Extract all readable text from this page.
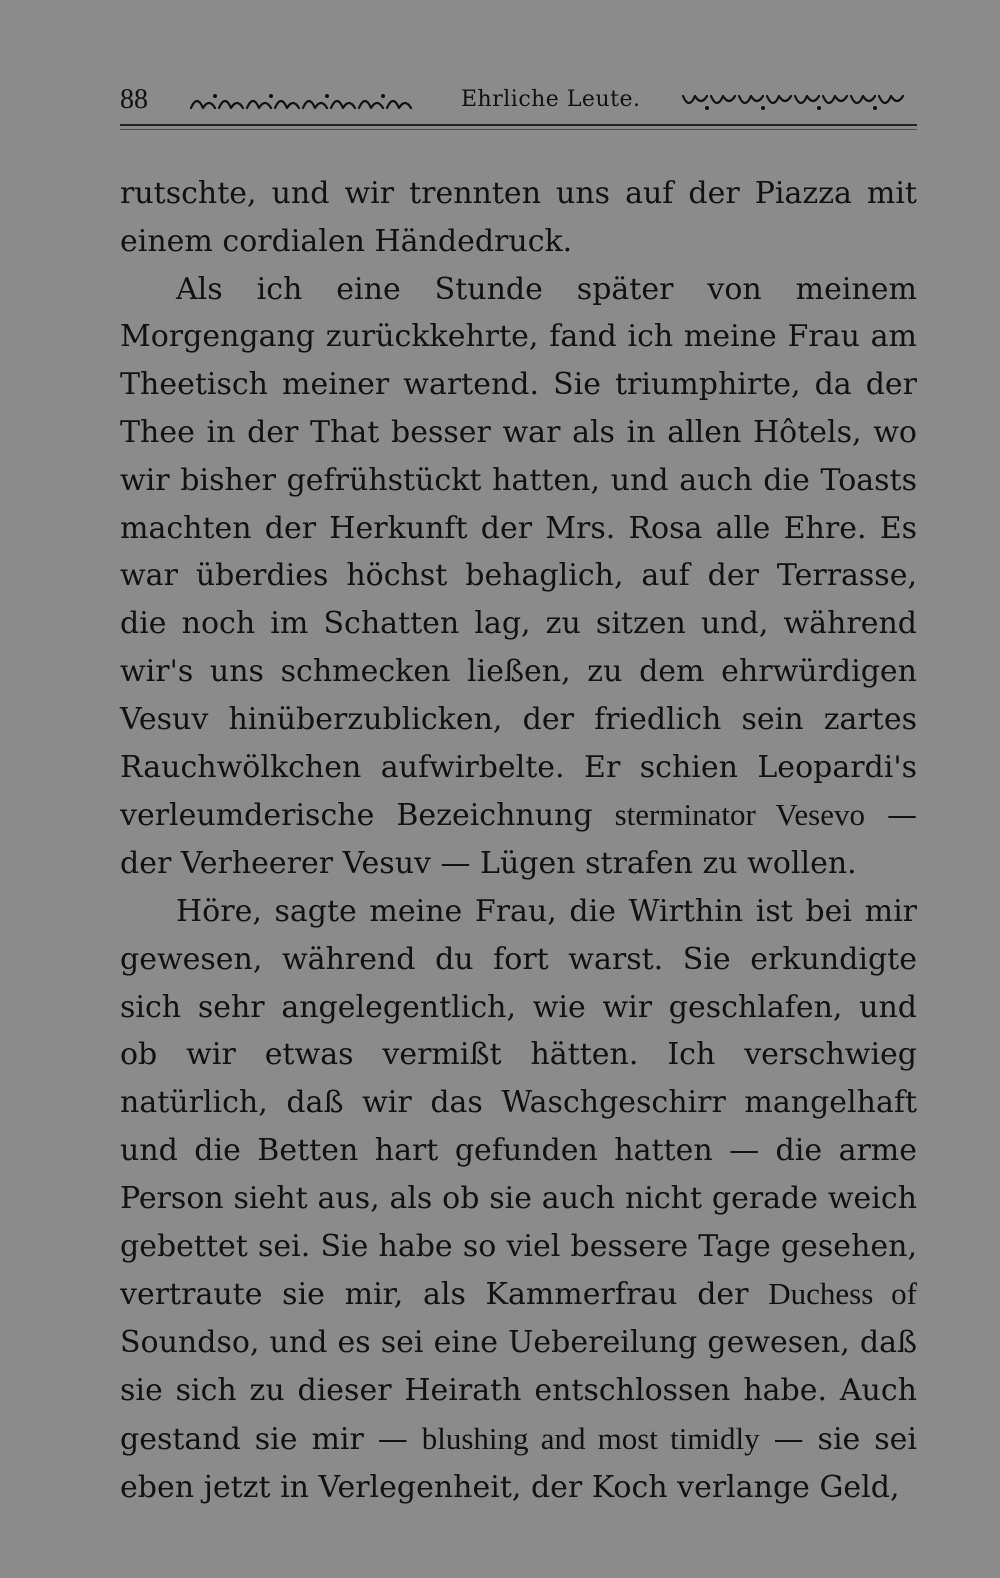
88	Ehrliche Leute.

rutschte, und wir trennten uns auf der Piazza mit einem cordialen Händedruck.

Als ich eine Stunde später von meinem Morgengang zurückkehrte, fand ich meine Frau am Theetisch meiner wartend. Sie triumphirte, da der Thee in der That besser war als in allen Hôtels, wo wir bisher gefrühstückt hatten, und auch die Toasts machten der Herkunft der Mrs. Rosa alle Ehre. Es war überdies höchst behaglich, auf der Terrasse, die noch im Schatten lag, zu sitzen und, während wir's uns schmecken ließen, zu dem ehrwürdigen Vesuv hinüberzublicken, der friedlich sein zartes Rauchwölkchen aufwirbelte. Er schien Leopardi's verleumderische Bezeichnung sterminator Vesevo — der Verheerer Vesuv — Lügen strafen zu wollen.

Höre, sagte meine Frau, die Wirthin ist bei mir gewesen, während du fort warst. Sie erkundigte sich sehr angelegentlich, wie wir geschlafen, und ob wir etwas vermißt hätten. Ich verschwieg natürlich, daß wir das Waschgeschirr mangelhaft und die Betten hart gefunden hatten — die arme Person sieht aus, als ob sie auch nicht gerade weich gebettet sei. Sie habe so viel bessere Tage gesehen, vertraute sie mir, als Kammerfrau der Duchess of Soundso, und es sei eine Uebereilung gewesen, daß sie sich zu dieser Heirath entschlossen habe. Auch gestand sie mir — blushing and most timidly — sie sei eben jetzt in Verlegenheit, der Koch verlange Geld,
